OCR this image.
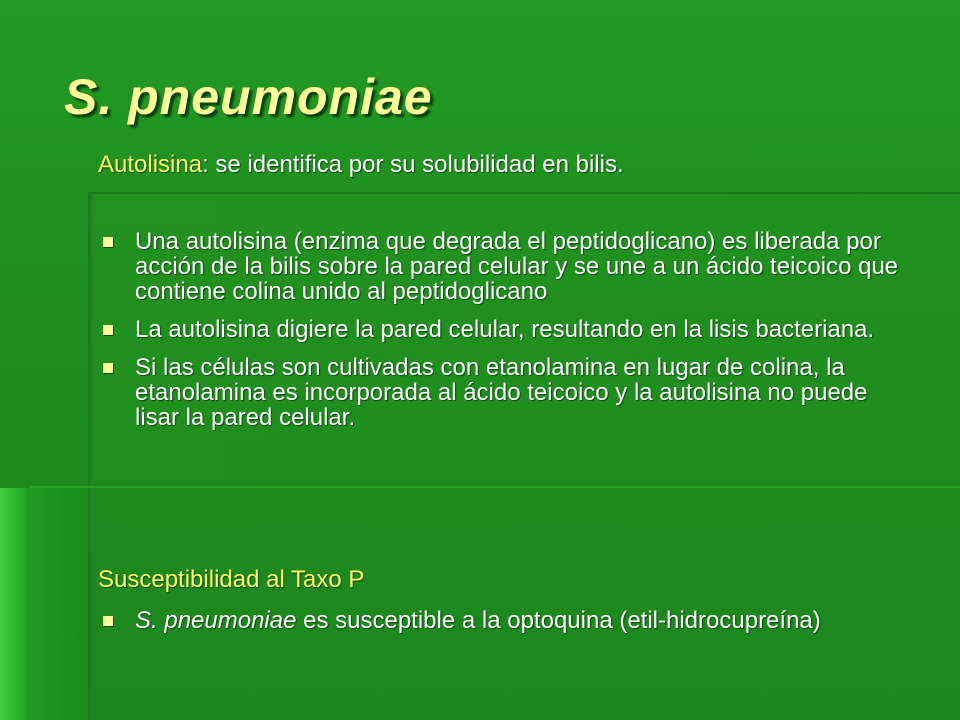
S. pneumoniae

Autolisina: se identifica por su solubilidad en bilis.

Una autolisina (enzima que degrada el peptidoglicano) es liberada por acción de la bilis sobre la pared celular y se une a un ácido teicoico que contiene colina unido al peptidoglicano
La autolisina digiere la pared celular, resultando en la lisis bacteriana.
Si las células son cultivadas con etanolamina en lugar de colina, la etanolamina es incorporada al ácido teicoico y la autolisina no puede lisar la pared celular.

Susceptibilidad al Taxo P

S. pneumoniae es susceptible a la optoquina (etil-hidrocupreína)
